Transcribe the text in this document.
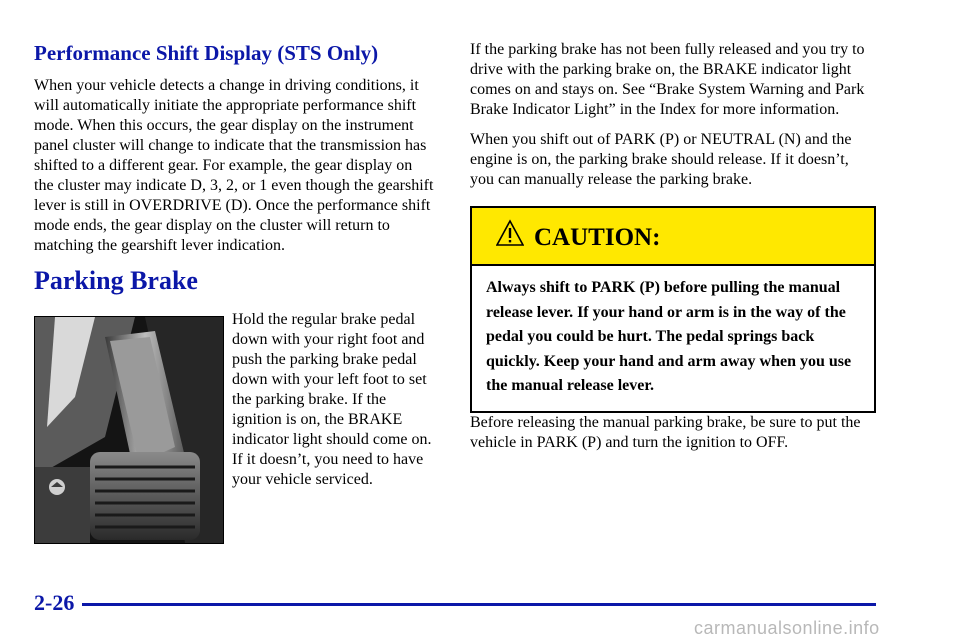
Performance Shift Display (STS Only)

When your vehicle detects a change in driving conditions, it will automatically initiate the appropriate performance shift mode. When this occurs, the gear display on the instrument panel cluster will change to indicate that the transmission has shifted to a different gear. For example, the gear display on the cluster may indicate D, 3, 2, or 1 even though the gearshift lever is still in OVERDRIVE (D). Once the performance shift mode ends, the gear display on the cluster will return to matching the gearshift lever indication.

Parking Brake

Hold the regular brake pedal down with your right foot and push the parking brake pedal down with your left foot to set the parking brake. If the ignition is on, the BRAKE indicator light should come on. If it doesn’t, you need to have your vehicle serviced.

If the parking brake has not been fully released and you try to drive with the parking brake on, the BRAKE indicator light comes on and stays on. See “Brake System Warning and Park Brake Indicator Light” in the Index for more information.

When you shift out of PARK (P) or NEUTRAL (N) and the engine is on, the parking brake should release. If it doesn’t, you can manually release the parking brake.

CAUTION:
Always shift to PARK (P) before pulling the manual release lever. If your hand or arm is in the way of the pedal you could be hurt. The pedal springs back quickly. Keep your hand and arm away when you use the manual release lever.

Before releasing the manual parking brake, be sure to put the vehicle in PARK (P) and turn the ignition to OFF.

2-26
carmanualsonline.info
